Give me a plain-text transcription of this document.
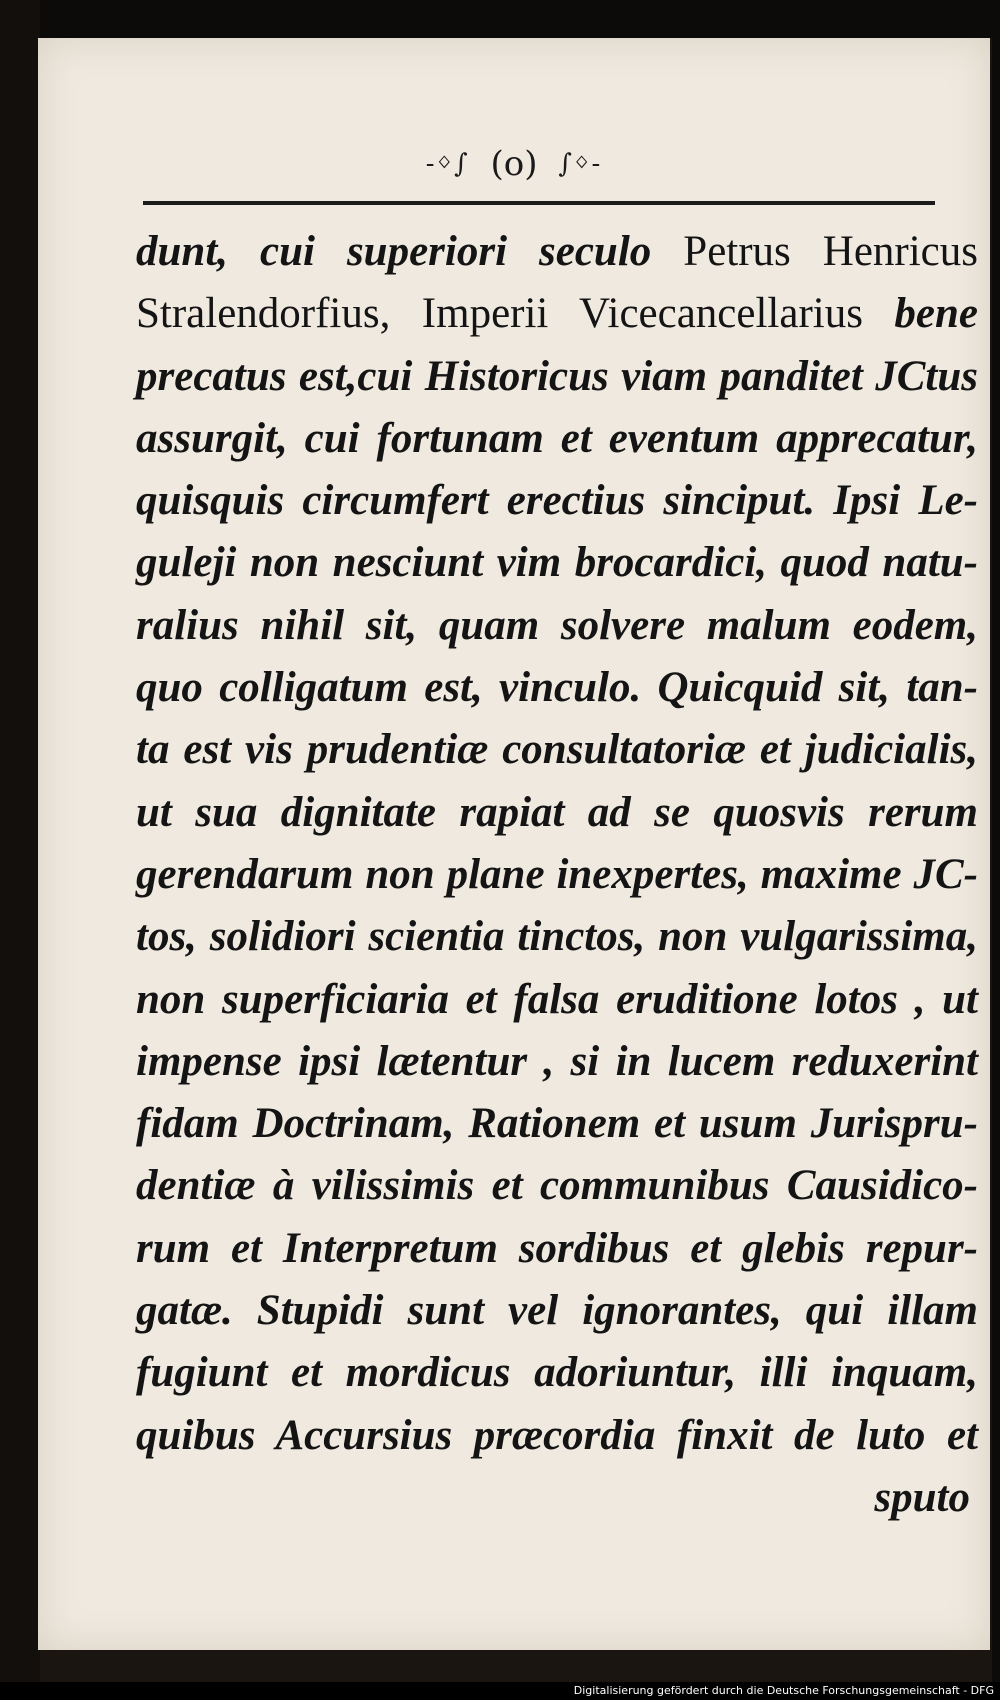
-ᛜ∫ (o) ∫ᛜ-
dunt, cui superiori seculo Petrus Henricus
Stralendorfius, Imperii Vicecancellarius bene
precatus est,cui Historicus viam panditet JCtus
assurgit, cui fortunam et eventum apprecatur,
quisquis circumfert erectius sinciput. Ipsi Le-
guleji non nesciunt vim brocardici, quod natu-
ralius nihil sit, quam solvere malum eodem,
quo colligatum est, vinculo. Quicquid sit, tan-
ta est vis prudentiæ consultatoriæ et judicialis,
ut sua dignitate rapiat ad se quosvis rerum
gerendarum non plane inexpertes, maxime JC-
tos, solidiori scientia tinctos, non vulgarissima,
non superficiaria et falsa eruditione lotos , ut
impense ipsi lætentur , si in lucem reduxerint
fidam Doctrinam, Rationem et usum Jurispru-
dentiæ à vilissimis et communibus Causidico-
rum et Interpretum sordibus et glebis repur-
gatæ. Stupidi sunt vel ignorantes, qui illam
fugiunt et mordicus adoriuntur, illi inquam,
quibus Accursius præcordia finxit de luto et
sputo
Digitalisierung gefördert durch die Deutsche Forschungsgemeinschaft - DFG
